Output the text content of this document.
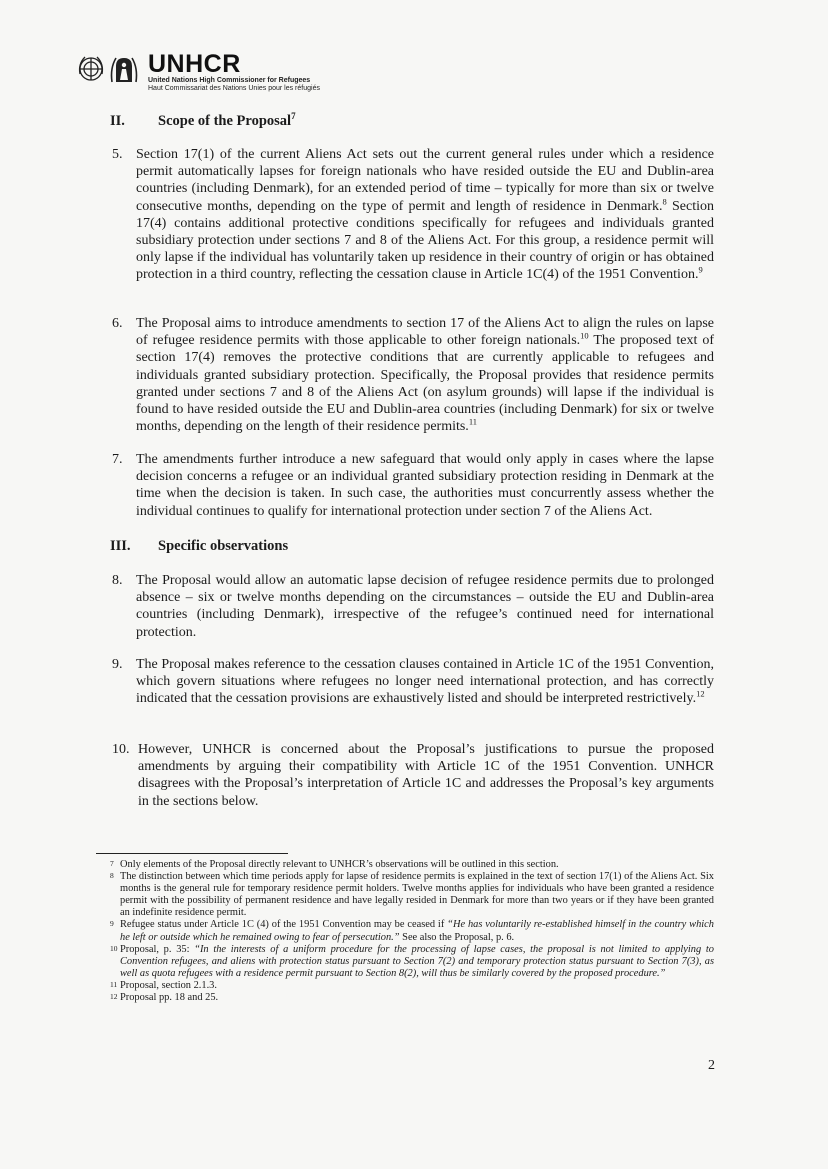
UNHCR
United Nations High Commissioner for Refugees
Haut Commissariat des Nations Unies pour les réfugiés
II. Scope of the Proposal$^7$
5. Section 17(1) of the current Aliens Act sets out the current general rules under which a residence permit automatically lapses for foreign nationals who have resided outside the EU and Dublin-area countries (including Denmark), for an extended period of time – typically for more than six or twelve consecutive months, depending on the type of permit and length of residence in Denmark.$^8$ Section 17(4) contains additional protective conditions specifically for refugees and individuals granted subsidiary protection under sections 7 and 8 of the Aliens Act. For this group, a residence permit will only lapse if the individual has voluntarily taken up residence in their country of origin or has obtained protection in a third country, reflecting the cessation clause in Article 1C(4) of the 1951 Convention.$^9$
6. The Proposal aims to introduce amendments to section 17 of the Aliens Act to align the rules on lapse of refugee residence permits with those applicable to other foreign nationals.$^{10}$ The proposed text of section 17(4) removes the protective conditions that are currently applicable to refugees and individuals granted subsidiary protection. Specifically, the Proposal provides that residence permits granted under sections 7 and 8 of the Aliens Act (on asylum grounds) will lapse if the individual is found to have resided outside the EU and Dublin-area countries (including Denmark) for six or twelve months, depending on the length of their residence permits.$^{11}$
7. The amendments further introduce a new safeguard that would only apply in cases where the lapse decision concerns a refugee or an individual granted subsidiary protection residing in Denmark at the time when the decision is taken. In such case, the authorities must concurrently assess whether the individual continues to qualify for international protection under section 7 of the Aliens Act.
III. Specific observations
8. The Proposal would allow an automatic lapse decision of refugee residence permits due to prolonged absence – six or twelve months depending on the circumstances – outside the EU and Dublin-area countries (including Denmark), irrespective of the refugee’s continued need for international protection.
9. The Proposal makes reference to the cessation clauses contained in Article 1C of the 1951 Convention, which govern situations where refugees no longer need international protection, and has correctly indicated that the cessation provisions are exhaustively listed and should be interpreted restrictively.$^{12}$
10. However, UNHCR is concerned about the Proposal’s justifications to pursue the proposed amendments by arguing their compatibility with Article 1C of the 1951 Convention. UNHCR disagrees with the Proposal’s interpretation of Article 1C and addresses the Proposal’s key arguments in the sections below.
7 Only elements of the Proposal directly relevant to UNHCR’s observations will be outlined in this section.
8 The distinction between which time periods apply for lapse of residence permits is explained in the text of section 17(1) of the Aliens Act. Six months is the general rule for temporary residence permit holders. Twelve months applies for individuals who have been granted a residence permit with the possibility of permanent residence and have legally resided in Denmark for more than two years or if they have been granted an indefinite residence permit.
9 Refugee status under Article 1C (4) of the 1951 Convention may be ceased if “He has voluntarily re-established himself in the country which he left or outside which he remained owing to fear of persecution.” See also the Proposal, p. 6.
10 Proposal, p. 35: “In the interests of a uniform procedure for the processing of lapse cases, the proposal is not limited to applying to Convention refugees, and aliens with protection status pursuant to Section 7(2) and temporary protection status pursuant to Section 7(3), as well as quota refugees with a residence permit pursuant to Section 8(2), will thus be similarly covered by the proposed procedure.”
11 Proposal, section 2.1.3.
12 Proposal pp. 18 and 25.
2
